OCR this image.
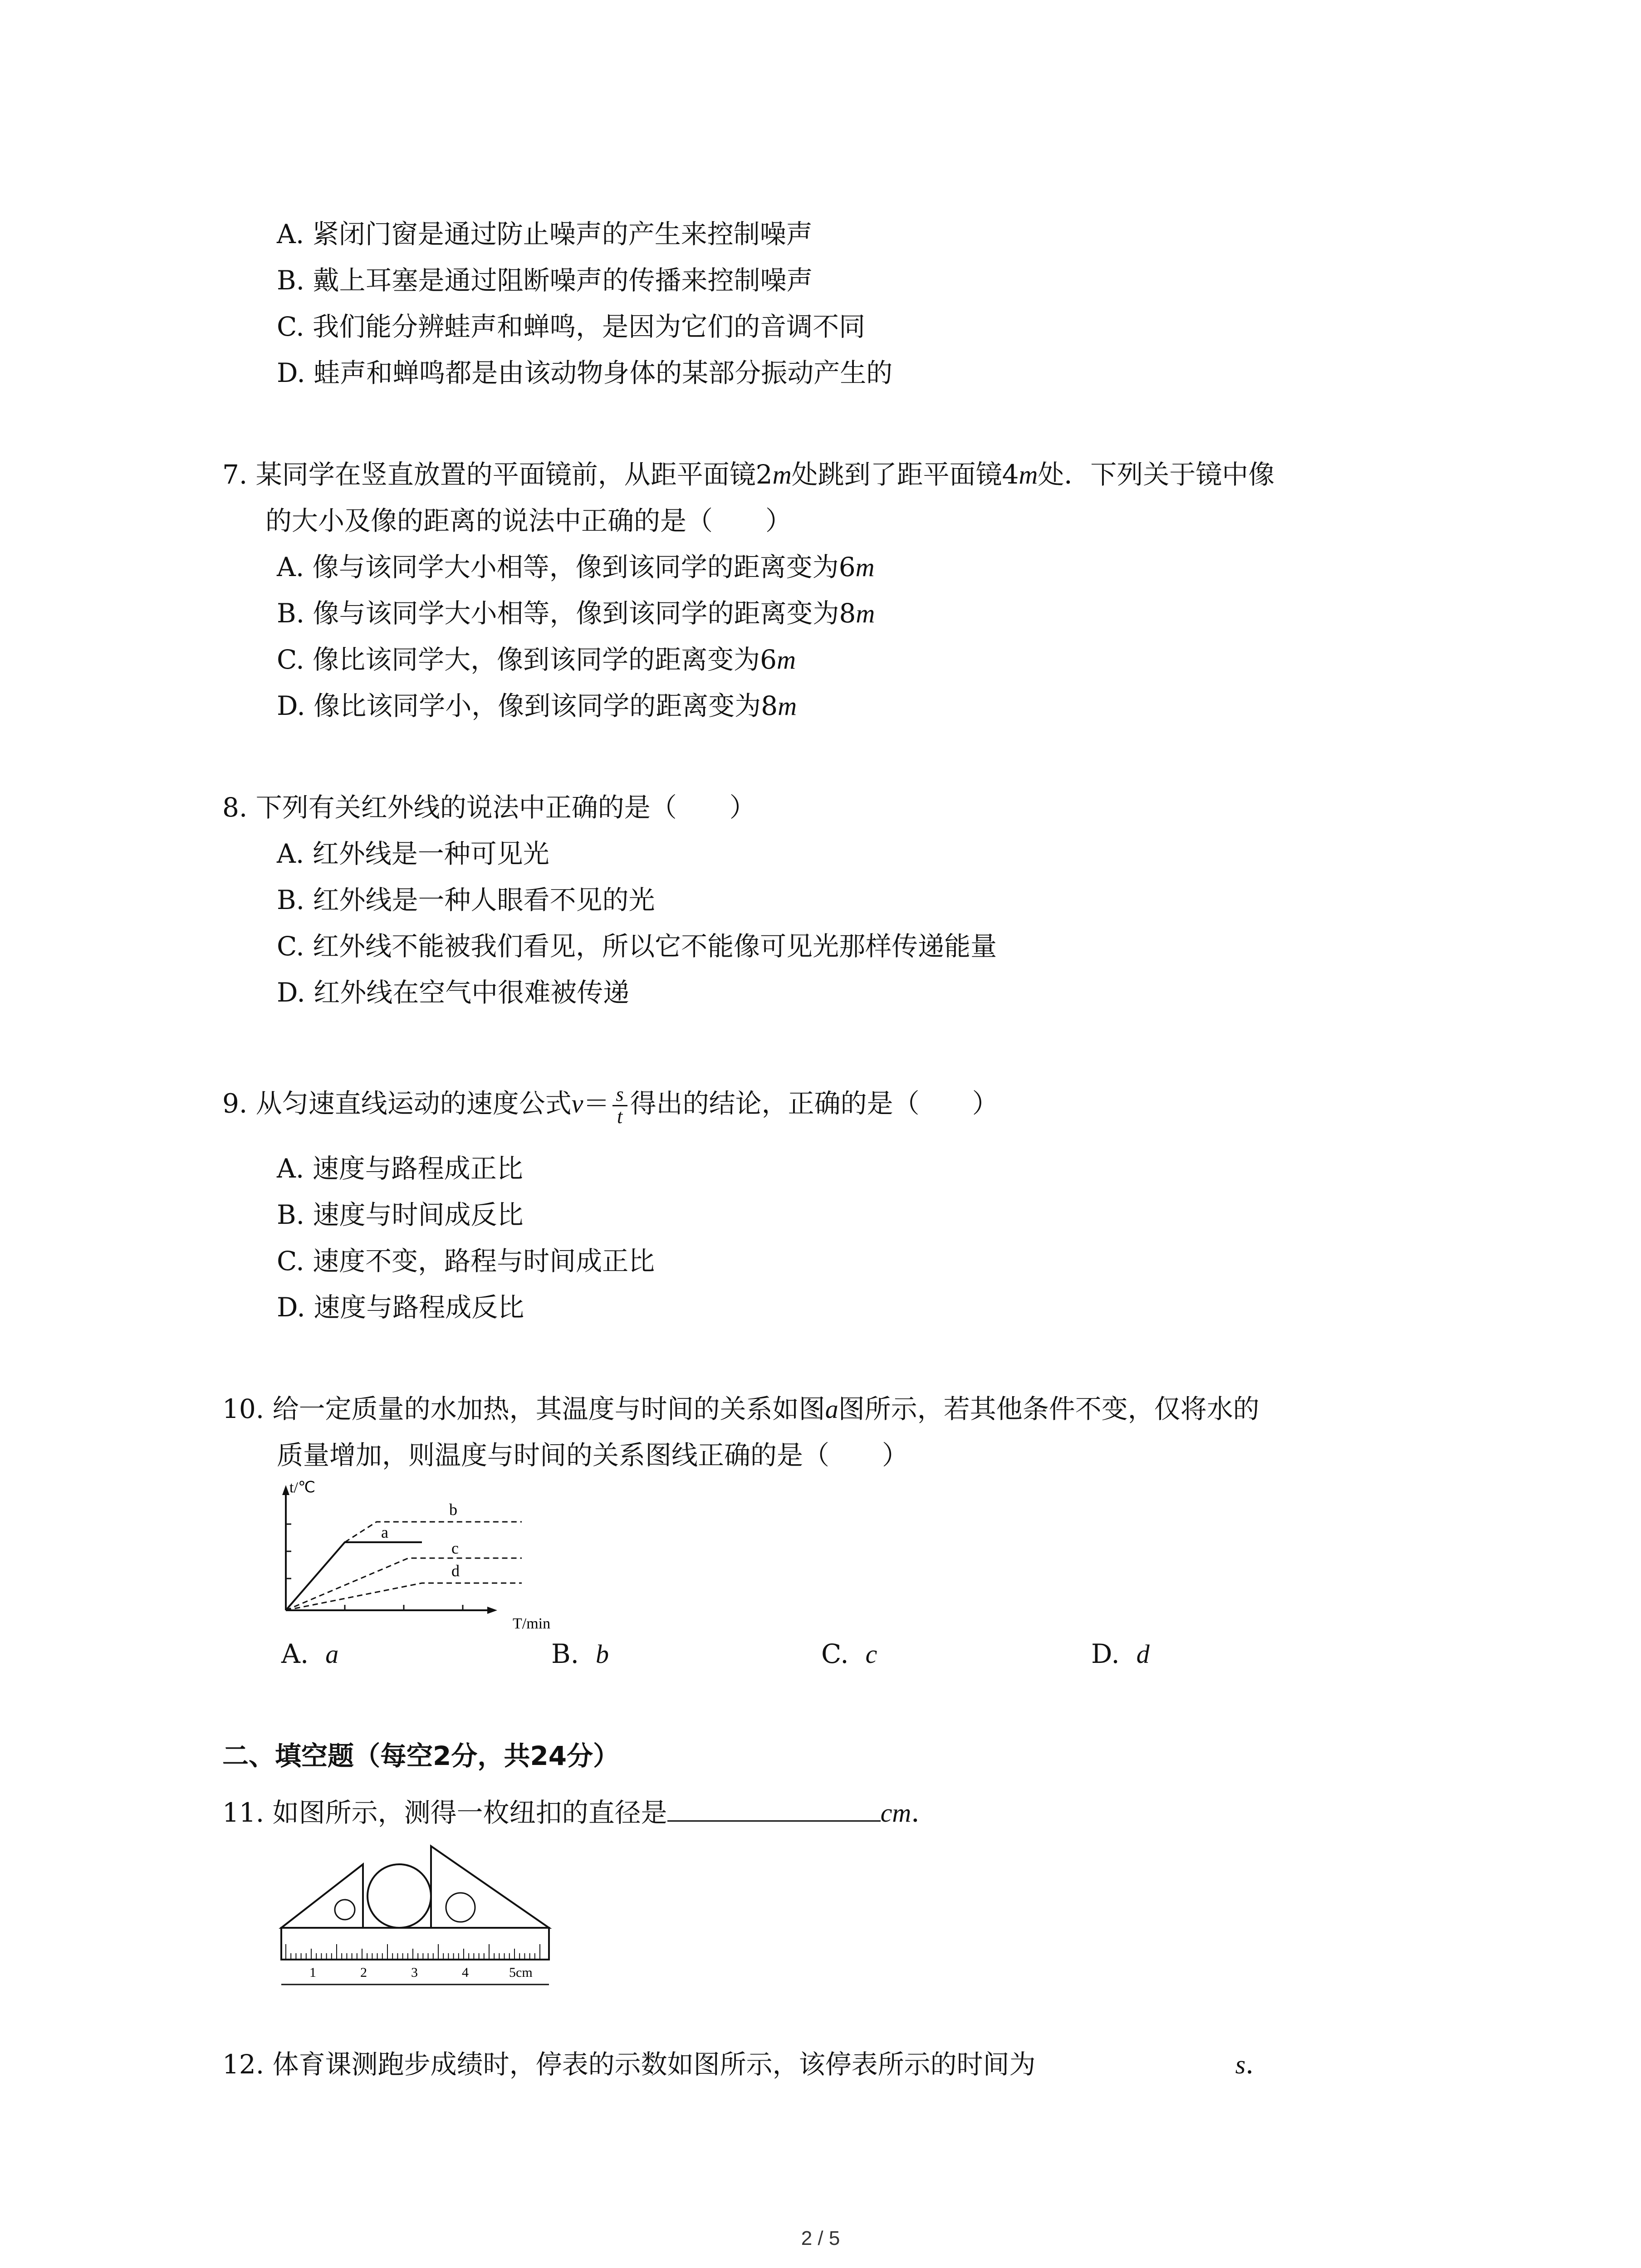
A. 紧闭门窗是通过防止噪声的产生来控制噪声
B. 戴上耳塞是通过阻断噪声的传播来控制噪声
C. 我们能分辨蛙声和蝉鸣，是因为它们的音调不同
D. 蛙声和蝉鸣都是由该动物身体的某部分振动产生的
7. 某同学在竖直放置的平面镜前，从距平面镜2m处跳到了距平面镜4m处．下列关于镜中像
的大小及像的距离的说法中正确的是（　　）
A. 像与该同学大小相等，像到该同学的距离变为6m
B. 像与该同学大小相等，像到该同学的距离变为8m
C. 像比该同学大，像到该同学的距离变为6m
D. 像比该同学小，像到该同学的距离变为8m
8. 下列有关红外线的说法中正确的是（　　）
A. 红外线是一种可见光
B. 红外线是一种人眼看不见的光
C. 红外线不能被我们看见，所以它不能像可见光那样传递能量
D. 红外线在空气中很难被传递
9. 从匀速直线运动的速度公式$v= \frac{s}{t}$ 得出的结论，正确的是（　　）
A. 速度与路程成正比
B. 速度与时间成反比
C. 速度不变，路程与时间成正比
D. 速度与路程成反比
10. 给一定质量的水加热，其温度与时间的关系如图a图所示，若其他条件不变，仅将水的
质量增加，则温度与时间的关系图线正确的是（　　）
t/℃
T/min
b
a
c
d
A. a	B. b	C. c	D. d
二、填空题（每空2分，共24分）
11. 如图所示，测得一枚纽扣的直径是	cm．
1	2	3	4	5cm
12. 体育课测跑步成绩时，停表的示数如图所示，该停表所示的时间为	s．
2 / 5
